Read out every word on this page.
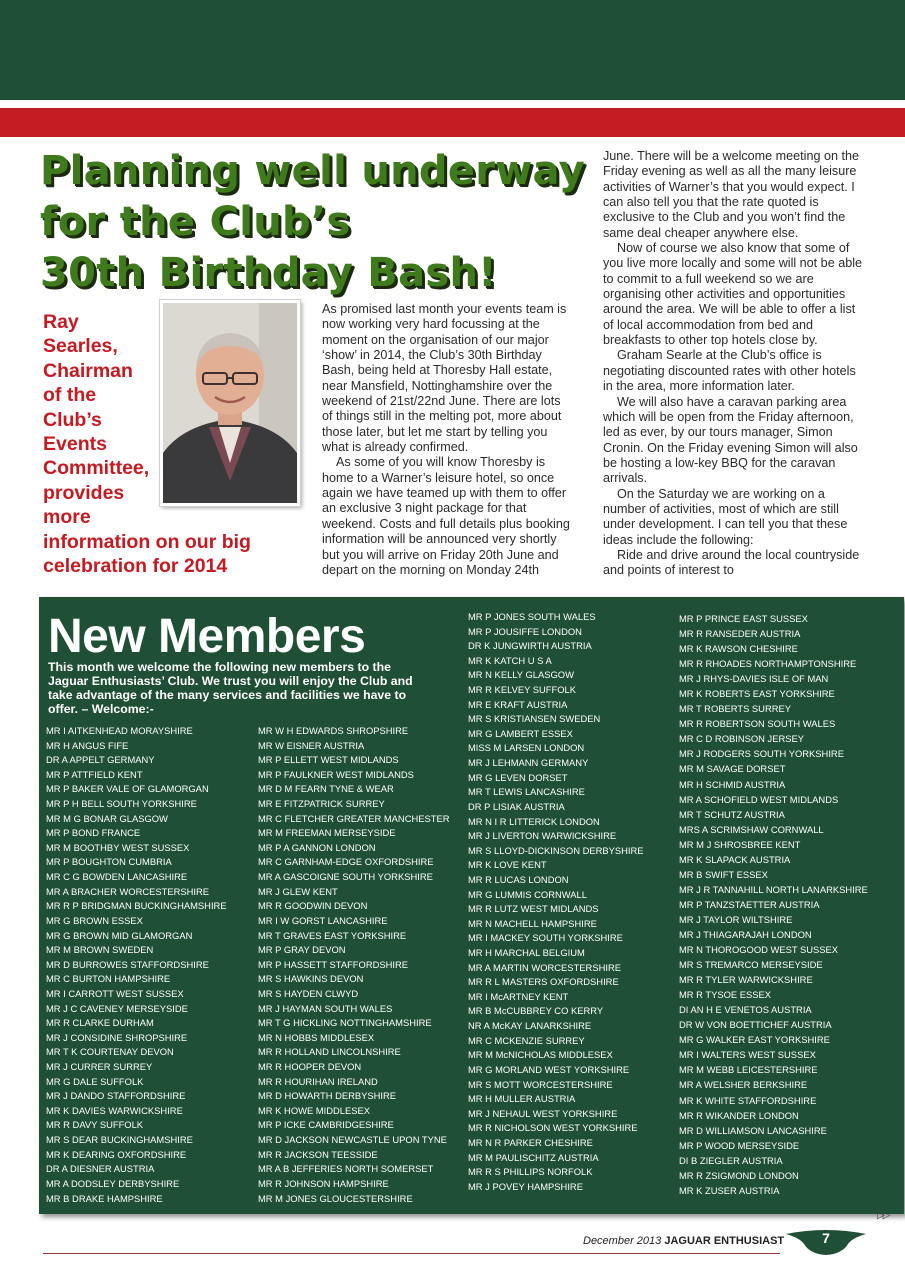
Planning well underway
for the Club’s
30th Birthday Bash!
Ray
Searles,
Chairman
of the
Club’s
Events
Committee,
provides
more
information on our big
celebration for 2014

As promised last month your events team is now working very hard focussing at the moment on the organisation of our major ‘show’ in 2014, the Club’s 30th Birthday Bash, being held at Thoresby Hall estate, near Mansfield, Nottinghamshire over the weekend of 21st/22nd June. There are lots of things still in the melting pot, more about those later, but let me start by telling you what is already confirmed.

As some of you will know Thoresby is home to a Warner’s leisure hotel, so once again we have teamed up with them to offer an exclusive 3 night package for that weekend. Costs and full details plus booking information will be announced very shortly but you will arrive on Friday 20th June and depart on the morning on Monday 24th

June. There will be a welcome meeting on the Friday evening as well as all the many leisure activities of Warner’s that you would expect. I can also tell you that the rate quoted is exclusive to the Club and you won’t find the same deal cheaper anywhere else.

Now of course we also know that some of you live more locally and some will not be able to commit to a full weekend so we are organising other activities and opportunities around the area. We will be able to offer a list of local accommodation from bed and breakfasts to other top hotels close by.

Graham Searle at the Club’s office is negotiating discounted rates with other hotels in the area, more information later.

We will also have a caravan parking area which will be open from the Friday afternoon, led as ever, by our tours manager, Simon Cronin. On the Friday evening Simon will also be hosting a low-key BBQ for the caravan arrivals.

On the Saturday we are working on a number of activities, most of which are still under development. I can tell you that these ideas include the following:

Ride and drive around the local countryside and points of interest to

New Members
This month we welcome the following new members to the Jaguar Enthusiasts’ Club. We trust you will enjoy the Club and take advantage of the many services and facilities we have to offer. – Welcome:-
MR I AITKENHEAD MORAYSHIRE
MR H ANGUS FIFE
DR A APPELT GERMANY
MR P ATTFIELD KENT
MR P BAKER VALE OF GLAMORGAN
MR P H BELL SOUTH YORKSHIRE
MR M G BONAR GLASGOW
MR P BOND FRANCE
MR M BOOTHBY WEST SUSSEX
MR P BOUGHTON CUMBRIA
MR C G BOWDEN LANCASHIRE
MR A BRACHER WORCESTERSHIRE
MR R P BRIDGMAN BUCKINGHAMSHIRE
MR G BROWN ESSEX
MR G BROWN MID GLAMORGAN
MR M BROWN SWEDEN
MR D BURROWES STAFFORDSHIRE
MR C BURTON HAMPSHIRE
MR I CARROTT WEST SUSSEX
MR J C CAVENEY MERSEYSIDE
MR R CLARKE DURHAM
MR J CONSIDINE SHROPSHIRE
MR T K COURTENAY DEVON
MR J CURRER SURREY
MR G DALE SUFFOLK
MR J DANDO STAFFORDSHIRE
MR K DAVIES WARWICKSHIRE
MR R DAVY SUFFOLK
MR S DEAR BUCKINGHAMSHIRE
MR K DEARING OXFORDSHIRE
DR A DIESNER AUSTRIA
MR A DODSLEY DERBYSHIRE
MR B DRAKE HAMPSHIRE
MR W H EDWARDS SHROPSHIRE
MR W EISNER AUSTRIA
MR P ELLETT WEST MIDLANDS
MR P FAULKNER WEST MIDLANDS
MR D M FEARN TYNE & WEAR
MR E FITZPATRICK SURREY
MR C FLETCHER GREATER MANCHESTER
MR M FREEMAN MERSEYSIDE
MR P A GANNON LONDON
MR C GARNHAM-EDGE OXFORDSHIRE
MR A GASCOIGNE SOUTH YORKSHIRE
MR J GLEW KENT
MR R GOODWIN DEVON
MR I W GORST LANCASHIRE
MR T GRAVES EAST YORKSHIRE
MR P GRAY DEVON
MR P HASSETT STAFFORDSHIRE
MR S HAWKINS DEVON
MR S HAYDEN CLWYD
MR J HAYMAN SOUTH WALES
MR T G HICKLING NOTTINGHAMSHIRE
MR N HOBBS MIDDLESEX
MR R HOLLAND LINCOLNSHIRE
MR R HOOPER DEVON
MR R HOURIHAN IRELAND
MR D HOWARTH DERBYSHIRE
MR K HOWE MIDDLESEX
MR P ICKE CAMBRIDGESHIRE
MR D JACKSON NEWCASTLE UPON TYNE
MR R JACKSON TEESSIDE
MR A B JEFFERIES NORTH SOMERSET
MR R JOHNSON HAMPSHIRE
MR M JONES GLOUCESTERSHIRE
MR P JONES SOUTH WALES
MR P JOUSIFFE LONDON
DR K JUNGWIRTH AUSTRIA
MR K KATCH U S A
MR N KELLY GLASGOW
MR R KELVEY SUFFOLK
MR E KRAFT AUSTRIA
MR S KRISTIANSEN SWEDEN
MR G LAMBERT ESSEX
MISS M LARSEN LONDON
MR J LEHMANN GERMANY
MR G LEVEN DORSET
MR T LEWIS LANCASHIRE
DR P LISIAK AUSTRIA
MR N I R LITTERICK LONDON
MR J LIVERTON WARWICKSHIRE
MR S LLOYD-DICKINSON DERBYSHIRE
MR K LOVE KENT
MR R LUCAS LONDON
MR G LUMMIS CORNWALL
MR R LUTZ WEST MIDLANDS
MR N MACHELL HAMPSHIRE
MR I MACKEY SOUTH YORKSHIRE
MR H MARCHAL BELGIUM
MR A MARTIN WORCESTERSHIRE
MR R L MASTERS OXFORDSHIRE
MR I McARTNEY KENT
MR B McCUBBREY CO KERRY
NR A McKAY LANARKSHIRE
MR C MCKENZIE SURREY
MR M McNICHOLAS MIDDLESEX
MR G MORLAND WEST YORKSHIRE
MR S MOTT WORCESTERSHIRE
MR H MULLER AUSTRIA
MR J NEHAUL WEST YORKSHIRE
MR R NICHOLSON WEST YORKSHIRE
MR N R PARKER CHESHIRE
MR M PAULISCHITZ AUSTRIA
MR R S PHILLIPS NORFOLK
MR J POVEY HAMPSHIRE
MR P PRINCE EAST SUSSEX
MR R RANSEDER AUSTRIA
MR K RAWSON CHESHIRE
MR R RHOADES NORTHAMPTONSHIRE
MR J RHYS-DAVIES ISLE OF MAN
MR K ROBERTS EAST YORKSHIRE
MR T ROBERTS SURREY
MR R ROBERTSON SOUTH WALES
MR C D ROBINSON JERSEY
MR J RODGERS SOUTH YORKSHIRE
MR M SAVAGE DORSET
MR H SCHMID AUSTRIA
MR A SCHOFIELD WEST MIDLANDS
MR T SCHUTZ AUSTRIA
MRS A SCRIMSHAW CORNWALL
MR M J SHROSBREE KENT
MR K SLAPACK AUSTRIA
MR B SWIFT ESSEX
MR J R TANNAHILL NORTH LANARKSHIRE
MR P TANZSTAETTER AUSTRIA
MR J TAYLOR WILTSHIRE
MR J THIAGARAJAH LONDON
MR N THOROGOOD WEST SUSSEX
MR S TREMARCO MERSEYSIDE
MR R TYLER WARWICKSHIRE
MR R TYSOE ESSEX
DI AN H E VENETOS AUSTRIA
DR W VON BOETTICHEF AUSTRIA
MR G WALKER EAST YORKSHIRE
MR I WALTERS WEST SUSSEX
MR M WEBB LEICESTERSHIRE
MR A WELSHER BERKSHIRE
MR K WHITE STAFFORDSHIRE
MR R WIKANDER LONDON
MR D WILLIAMSON LANCASHIRE
MR P WOOD MERSEYSIDE
DI B ZIEGLER AUSTRIA
MR R ZSIGMOND LONDON
MR K ZUSER AUSTRIA
▷▷
December 2013 JAGUAR ENTHUSIAST	7
